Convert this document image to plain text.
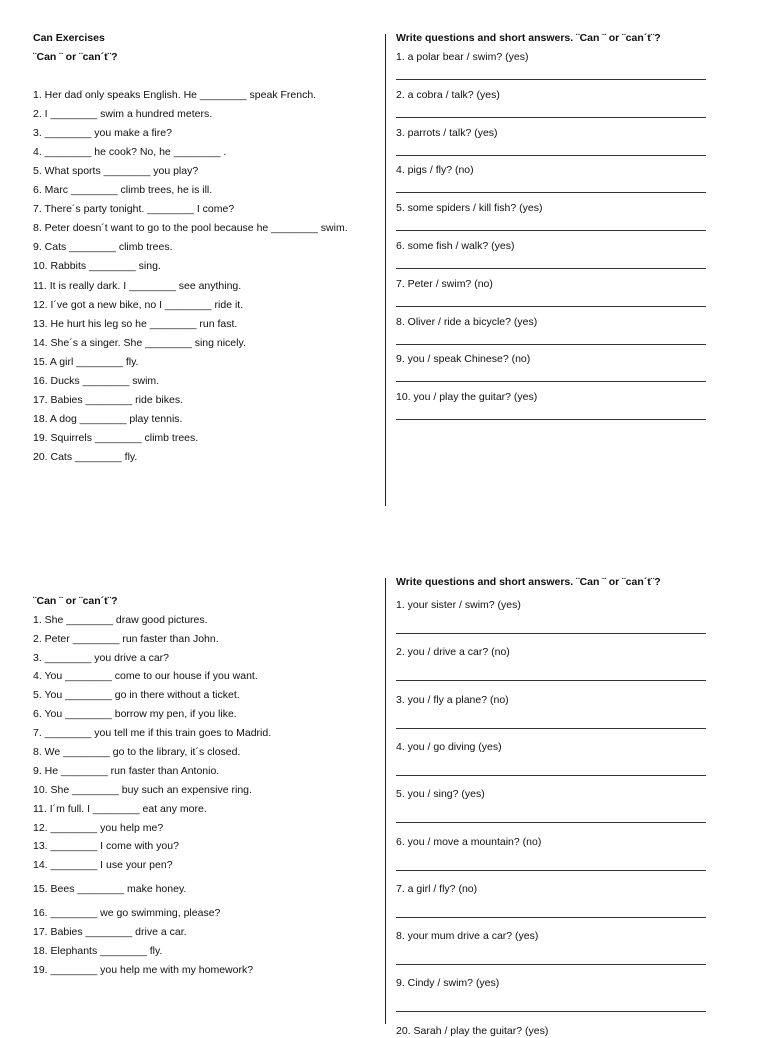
Can Exercises
¨Can ¨ or ¨can´t¨?
1. Her dad only speaks English. He ________ speak French.
2. I ________ swim a hundred meters.
3. ________ you make a fire?
4. ________ he cook? No, he ________ .
5. What sports ________ you play?
6. Marc ________ climb trees, he is ill.
7. There´s party tonight. ________ I come?
8. Peter doesn´t want to go to the pool because he ________ swim.
9. Cats ________ climb trees.
10. Rabbits ________ sing.
11. It is really dark. I ________ see anything.
12. I´ve got a new bike, no I ________ ride it.
13. He hurt his leg so he ________ run fast.
14. She´s a singer. She ________ sing nicely.
15. A girl ________ fly.
16. Ducks ________ swim.
17. Babies ________ ride bikes.
18. A dog ________ play tennis.
19. Squirrels ________ climb trees.
20. Cats ________ fly.
Write questions and short answers. ¨Can ¨ or ¨can´t¨?
1. a polar bear / swim? (yes)
2. a cobra / talk? (yes)
3. parrots / talk? (yes)
4. pigs / fly? (no)
5. some spiders / kill fish? (yes)
6. some fish / walk? (yes)
7. Peter / swim? (no)
8. Oliver / ride a bicycle? (yes)
9. you / speak Chinese? (no)
10. you / play the guitar? (yes)
¨Can ¨ or ¨can´t¨?
1. She ________ draw good pictures.
2. Peter ________ run faster than John.
3. ________ you drive a car?
4. You ________ come to our house if you want.
5. You ________ go in there without a ticket.
6. You ________ borrow my pen, if you like.
7. ________ you tell me if this train goes to Madrid.
8. We ________ go to the library, it´s closed.
9. He ________ run faster than Antonio.
10. She ________ buy such an expensive ring.
11. I´m full. I ________ eat any more.
12. ________ you help me?
13. ________ I come with you?
14. ________ I use your pen?
15. Bees ________ make honey.
16. ________ we go swimming, please?
17. Babies ________ drive a car.
18. Elephants ________ fly.
19. ________ you help me with my homework?
Write questions and short answers. ¨Can ¨ or ¨can´t¨?
1. your sister / swim? (yes)
2. you / drive a car? (no)
3. you / fly a plane? (no)
4. you / go diving (yes)
5. you / sing? (yes)
6. you / move a mountain? (no)
7. a girl / fly? (no)
8. your mum drive a car? (yes)
9. Cindy / swim? (yes)
20. Sarah / play the guitar? (yes)
